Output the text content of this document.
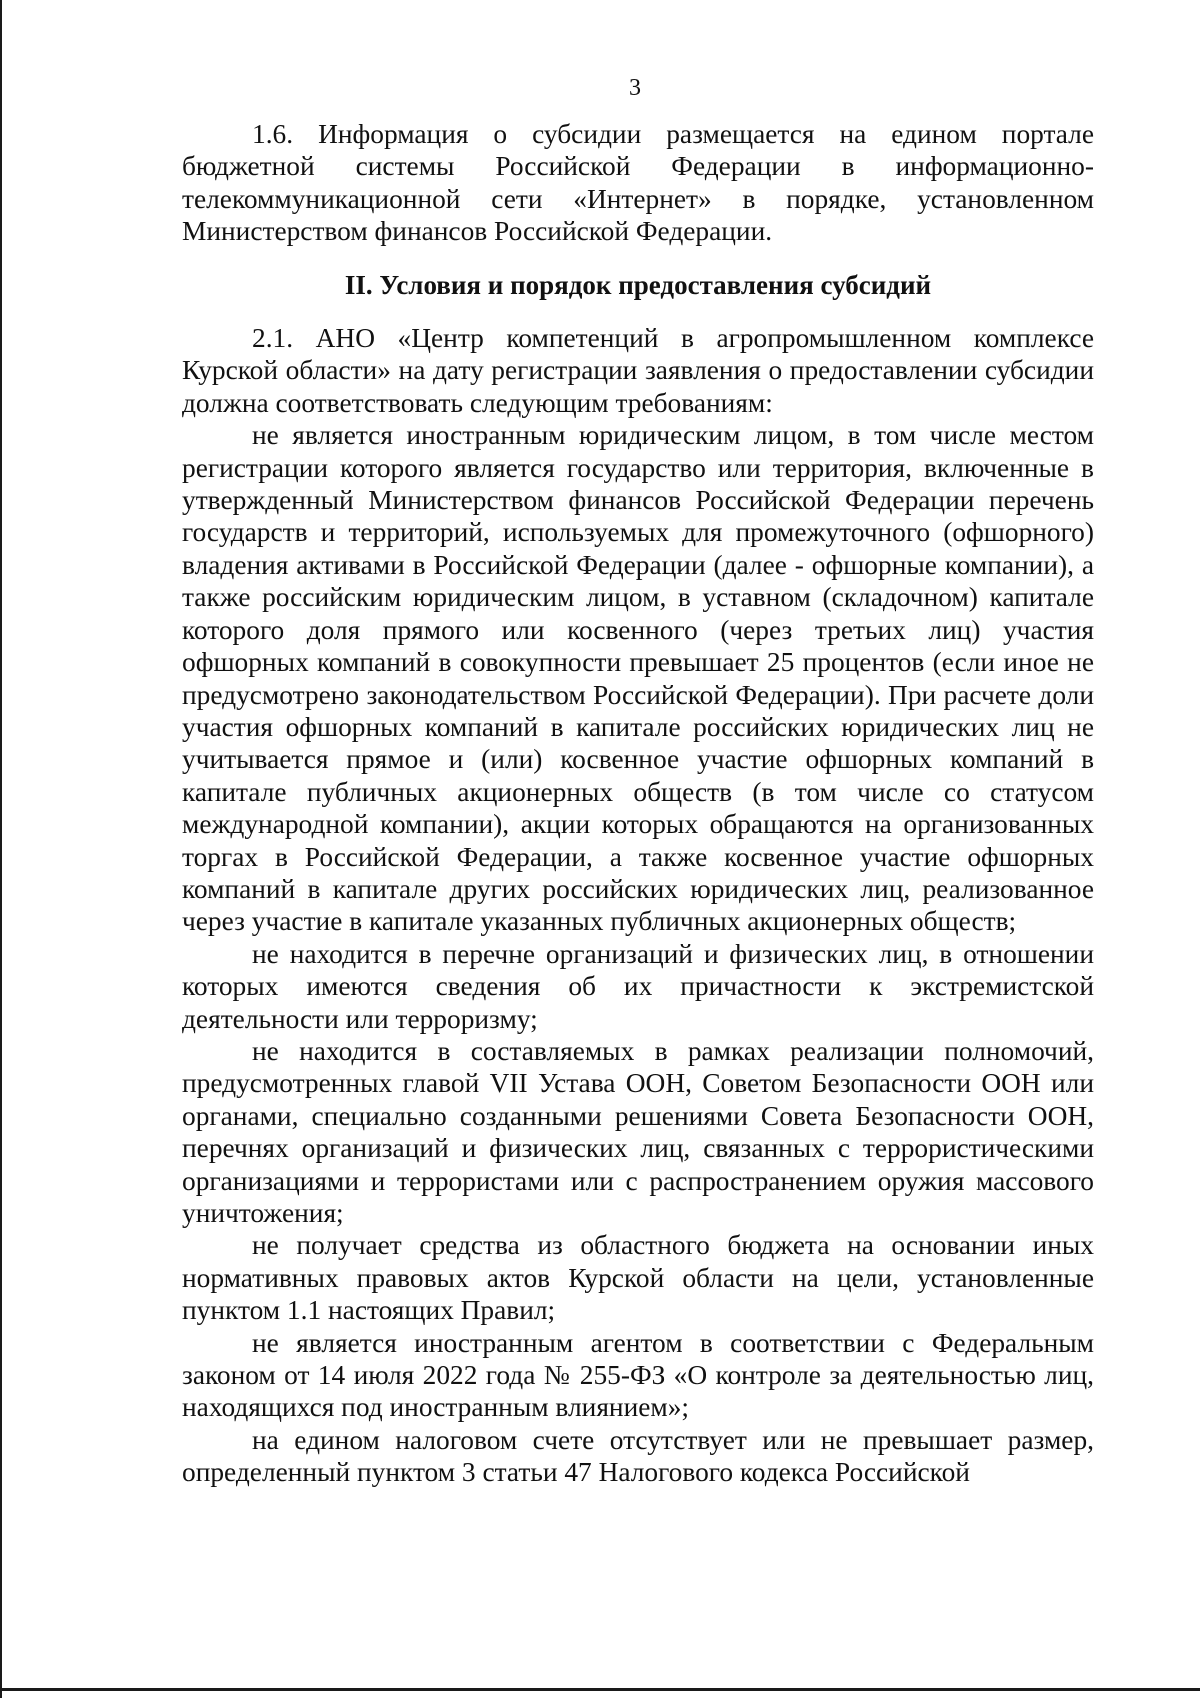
3

1.6. Информация о субсидии размещается на едином портале бюджетной системы Российской Федерации в информационно-телекоммуникационной сети «Интернет» в порядке, установленном Министерством финансов Российской Федерации.

II. Условия и порядок предоставления субсидий

2.1. АНО «Центр компетенций в агропромышленном комплексе Курской области» на дату регистрации заявления о предоставлении субсидии должна соответствовать следующим требованиям:

не является иностранным юридическим лицом, в том числе местом регистрации которого является государство или территория, включенные в утвержденный Министерством финансов Российской Федерации перечень государств и территорий, используемых для промежуточного (офшорного) владения активами в Российской Федерации (далее - офшорные компании), а также российским юридическим лицом, в уставном (складочном) капитале которого доля прямого или косвенного (через третьих лиц) участия офшорных компаний в совокупности превышает 25 процентов (если иное не предусмотрено законодательством Российской Федерации). При расчете доли участия офшорных компаний в капитале российских юридических лиц не учитывается прямое и (или) косвенное участие офшорных компаний в капитале публичных акционерных обществ (в том числе со статусом международной компании), акции которых обращаются на организованных торгах в Российской Федерации, а также косвенное участие офшорных компаний в капитале других российских юридических лиц, реализованное через участие в капитале указанных публичных акционерных обществ;

не находится в перечне организаций и физических лиц, в отношении которых имеются сведения об их причастности к экстремистской деятельности или терроризму;

не находится в составляемых в рамках реализации полномочий, предусмотренных главой VII Устава ООН, Советом Безопасности ООН или органами, специально созданными решениями Совета Безопасности ООН, перечнях организаций и физических лиц, связанных с террористическими организациями и террористами или с распространением оружия массового уничтожения;

не получает средства из областного бюджета на основании иных нормативных правовых актов Курской области на цели, установленные пунктом 1.1 настоящих Правил;

не является иностранным агентом в соответствии с Федеральным законом от 14 июля 2022 года № 255-ФЗ «О контроле за деятельностью лиц, находящихся под иностранным влиянием»;

на едином налоговом счете отсутствует или не превышает размер, определенный пунктом 3 статьи 47 Налогового кодекса Российской
